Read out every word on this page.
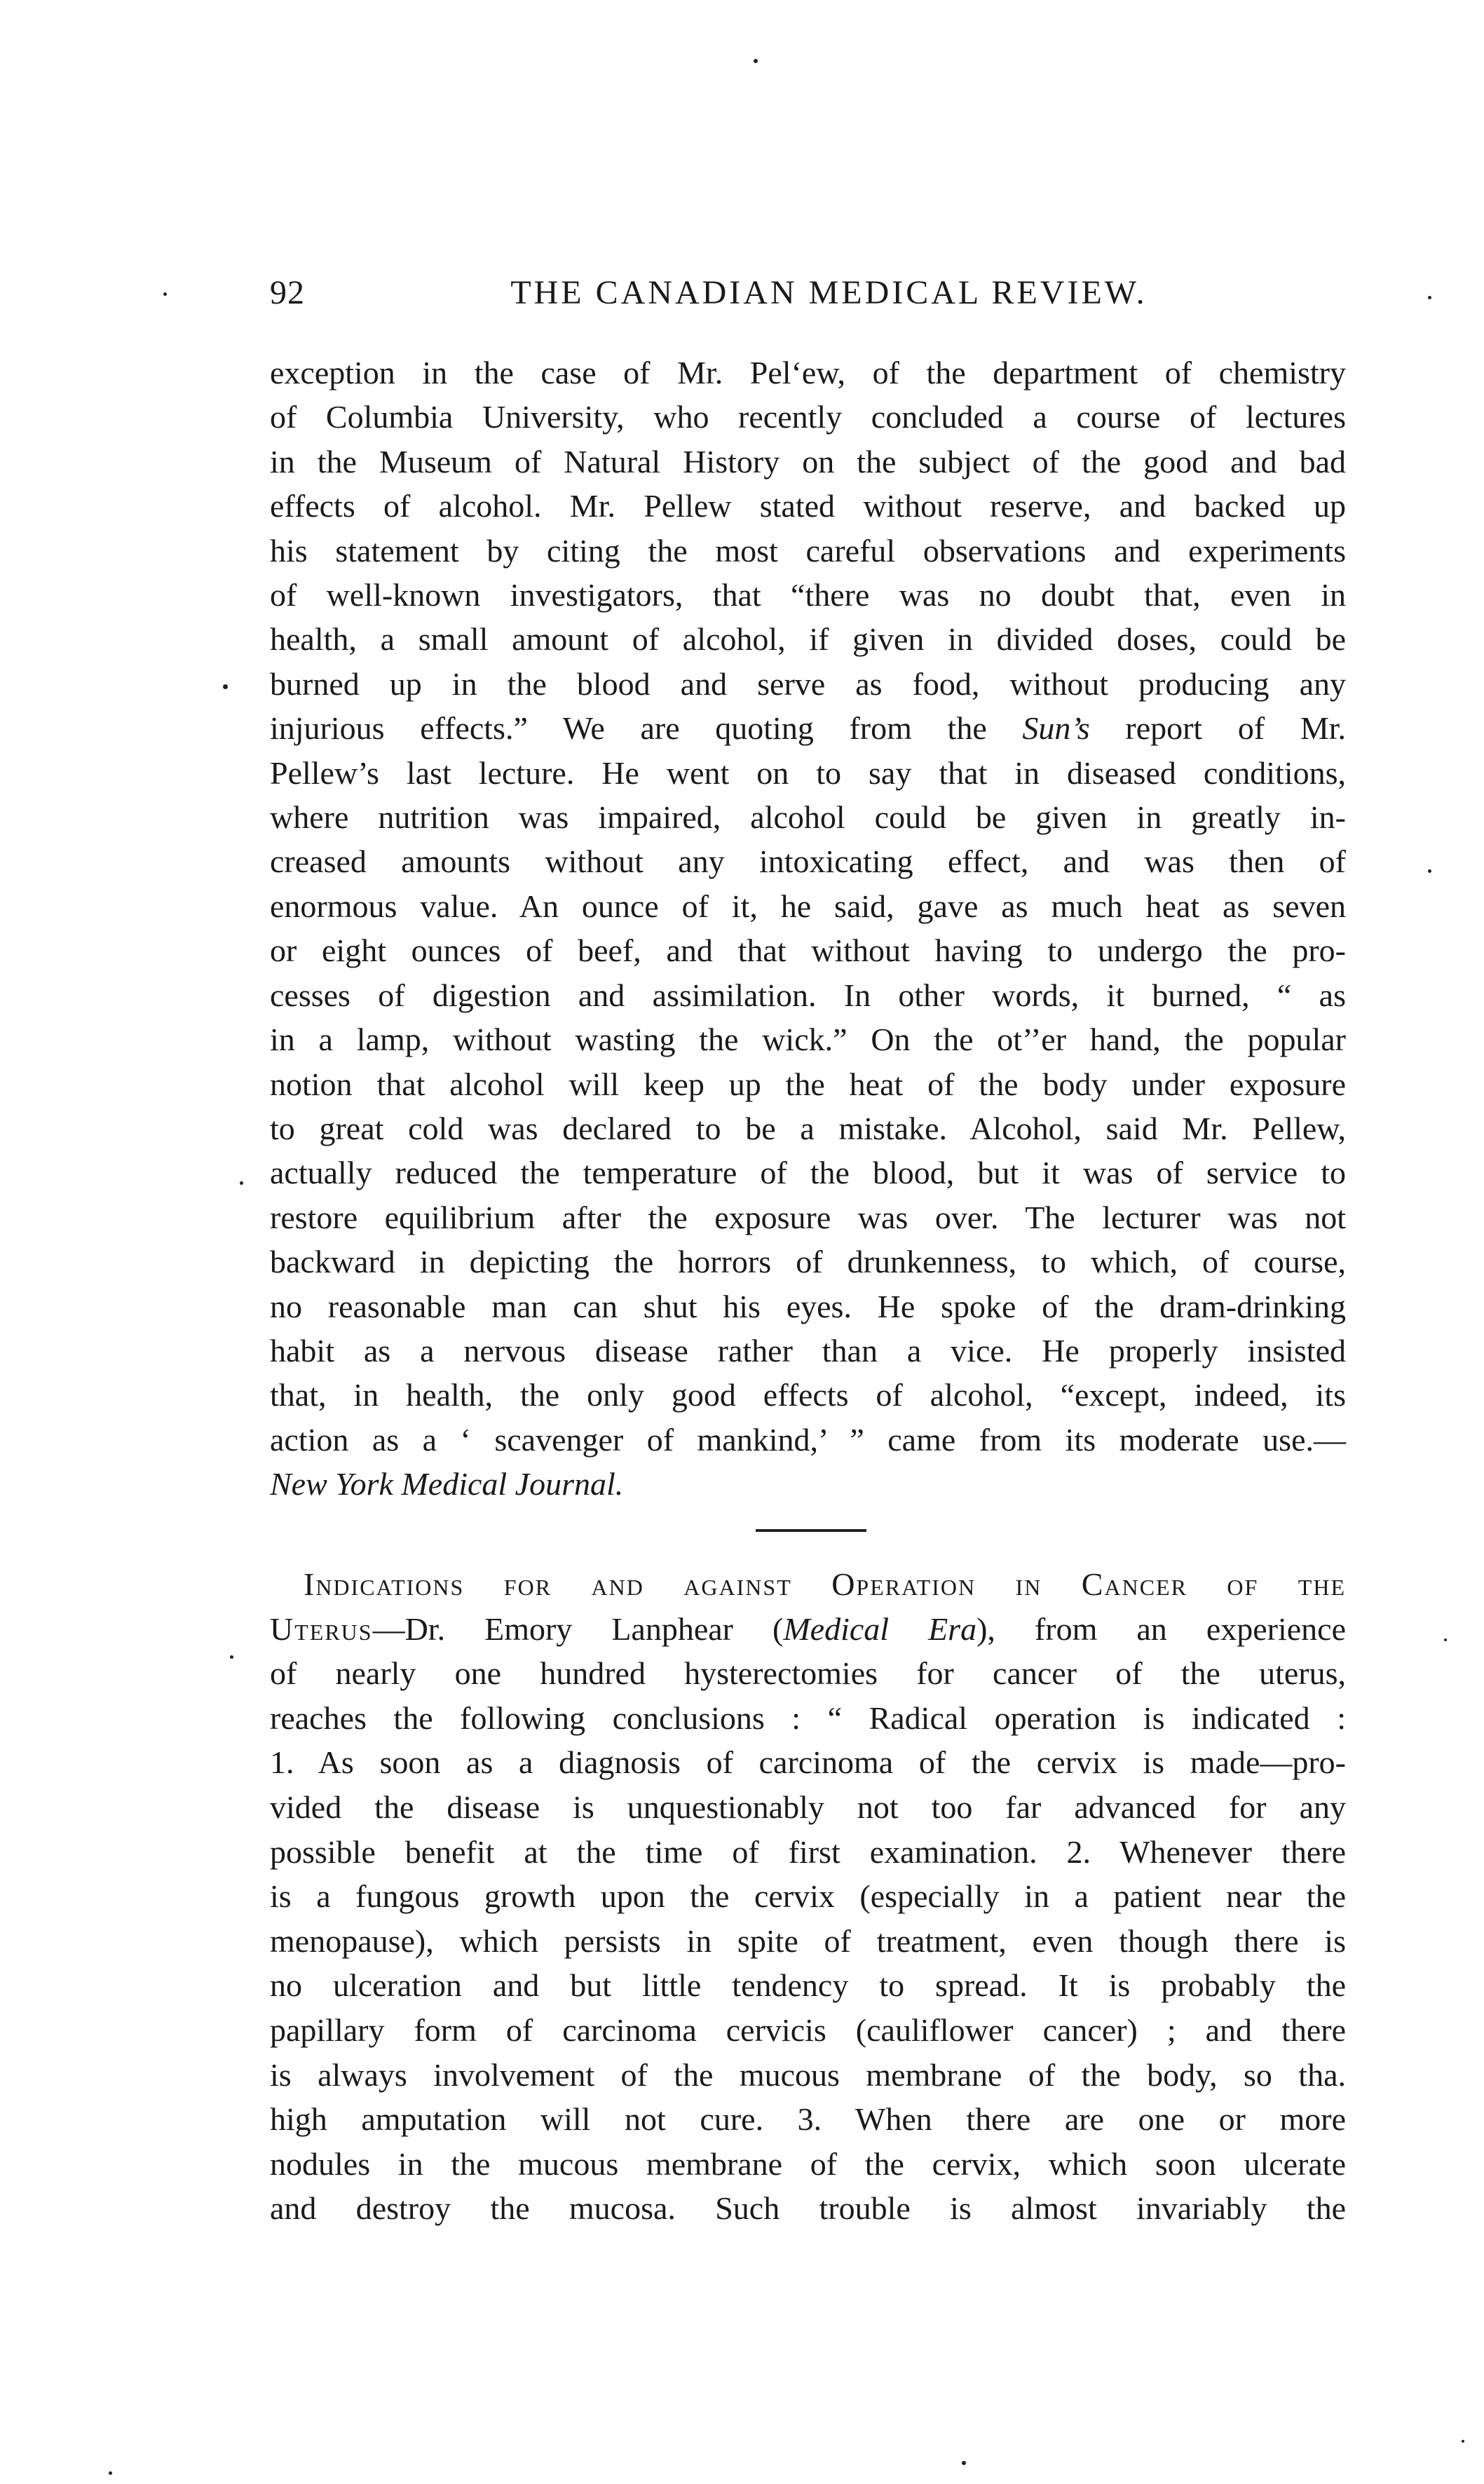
92	THE CANADIAN MEDICAL REVIEW.

exception in the case of Mr. Pel‘ew, of the department of chemistry
of Columbia University, who recently concluded a course of lectures
in the Museum of Natural History on the subject of the good and bad
effects of alcohol. Mr. Pellew stated without reserve, and backed up
his statement by citing the most careful observations and experiments
of well-known investigators, that “there was no doubt that, even in
health, a small amount of alcohol, if given in divided doses, could be
burned up in the blood and serve as food, without producing any
injurious effects.” We are quoting from the Sun’s report of Mr.
Pellew’s last lecture. He went on to say that in diseased conditions,
where nutrition was impaired, alcohol could be given in greatly in-
creased amounts without any intoxicating effect, and was then of
enormous value. An ounce of it, he said, gave as much heat as seven
or eight ounces of beef, and that without having to undergo the pro-
cesses of digestion and assimilation. In other words, it burned, “ as
in a lamp, without wasting the wick.” On the ot’’er hand, the popular
notion that alcohol will keep up the heat of the body under exposure
to great cold was declared to be a mistake. Alcohol, said Mr. Pellew,
actually reduced the temperature of the blood, but it was of service to
restore equilibrium after the exposure was over. The lecturer was not
backward in depicting the horrors of drunkenness, to which, of course,
no reasonable man can shut his eyes. He spoke of the dram-drinking
habit as a nervous disease rather than a vice. He properly insisted
that, in health, the only good effects of alcohol, “except, indeed, its
action as a ‘ scavenger of mankind,’ ” came from its moderate use.—
New York Medical Journal.

Indications for and against Operation in Cancer of the
Uterus—Dr. Emory Lanphear (Medical Era), from an experience
of nearly one hundred hysterectomies for cancer of the uterus,
reaches the following conclusions : “ Radical operation is indicated :
1. As soon as a diagnosis of carcinoma of the cervix is made—pro-
vided the disease is unquestionably not too far advanced for any
possible benefit at the time of first examination. 2. Whenever there
is a fungous growth upon the cervix (especially in a patient near the
menopause), which persists in spite of treatment, even though there is
no ulceration and but little tendency to spread. It is probably the
papillary form of carcinoma cervicis (cauliflower cancer) ; and there
is always involvement of the mucous membrane of the body, so tha.
high amputation will not cure. 3. When there are one or more
nodules in the mucous membrane of the cervix, which soon ulcerate
and destroy the mucosa. Such trouble is almost invariably the
